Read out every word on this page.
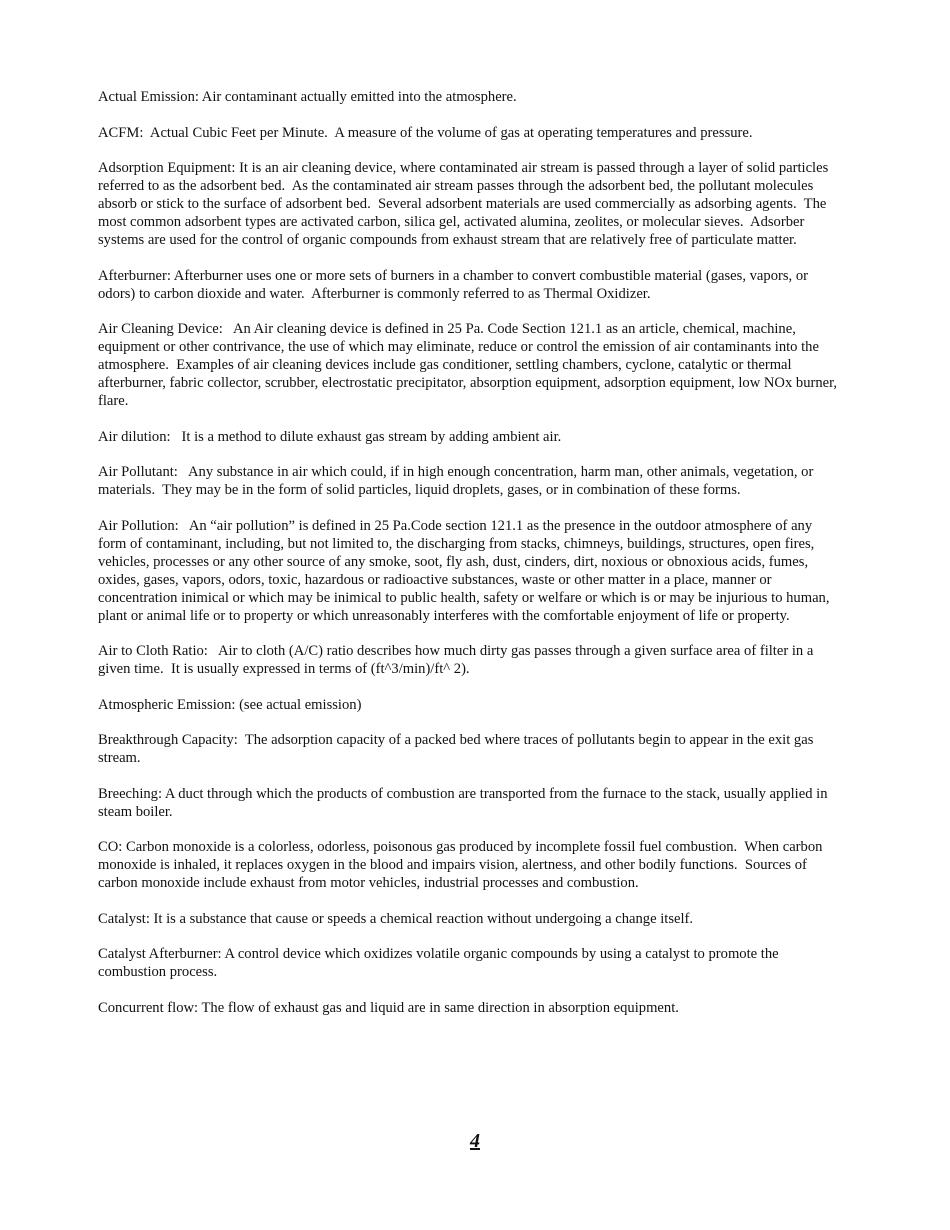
Actual Emission: Air contaminant actually emitted into the atmosphere.

ACFM:  Actual Cubic Feet per Minute.  A measure of the volume of gas at operating temperatures and pressure.

Adsorption Equipment: It is an air cleaning device, where contaminated air stream is passed through a layer of solid particles referred to as the adsorbent bed.  As the contaminated air stream passes through the adsorbent bed, the pollutant molecules absorb or stick to the surface of adsorbent bed.  Several adsorbent materials are used commercially as adsorbing agents.  The most common adsorbent types are activated carbon, silica gel, activated alumina, zeolites, or molecular sieves.  Adsorber systems are used for the control of organic compounds from exhaust stream that are relatively free of particulate matter.

Afterburner: Afterburner uses one or more sets of burners in a chamber to convert combustible material (gases, vapors, or odors) to carbon dioxide and water.  Afterburner is commonly referred to as Thermal Oxidizer.

Air Cleaning Device:   An Air cleaning device is defined in 25 Pa. Code Section 121.1 as an article, chemical, machine, equipment or other contrivance, the use of which may eliminate, reduce or control the emission of air contaminants into the atmosphere.  Examples of air cleaning devices include gas conditioner, settling chambers, cyclone, catalytic or thermal afterburner, fabric collector, scrubber, electrostatic precipitator, absorption equipment, adsorption equipment, low NOx burner, flare.

Air dilution:   It is a method to dilute exhaust gas stream by adding ambient air.

Air Pollutant:   Any substance in air which could, if in high enough concentration, harm man, other animals, vegetation, or materials.  They may be in the form of solid particles, liquid droplets, gases, or in combination of these forms.

Air Pollution:   An “air pollution” is defined in 25 Pa.Code section 121.1 as the presence in the outdoor atmosphere of any form of contaminant, including, but not limited to, the discharging from stacks, chimneys, buildings, structures, open fires, vehicles, processes or any other source of any smoke, soot, fly ash, dust, cinders, dirt, noxious or obnoxious acids, fumes, oxides, gases, vapors, odors, toxic, hazardous or radioactive substances, waste or other matter in a place, manner or concentration inimical or which may be inimical to public health, safety or welfare or which is or may be injurious to human, plant or animal life or to property or which unreasonably interferes with the comfortable enjoyment of life or property.

Air to Cloth Ratio:   Air to cloth (A/C) ratio describes how much dirty gas passes through a given surface area of filter in a given time.  It is usually expressed in terms of (ft^3/min)/ft^ 2).

Atmospheric Emission: (see actual emission)

Breakthrough Capacity:  The adsorption capacity of a packed bed where traces of pollutants begin to appear in the exit gas stream.

Breeching: A duct through which the products of combustion are transported from the furnace to the stack, usually applied in steam boiler.

CO: Carbon monoxide is a colorless, odorless, poisonous gas produced by incomplete fossil fuel combustion.  When carbon monoxide is inhaled, it replaces oxygen in the blood and impairs vision, alertness, and other bodily functions.  Sources of carbon monoxide include exhaust from motor vehicles, industrial processes and combustion.

Catalyst: It is a substance that cause or speeds a chemical reaction without undergoing a change itself.

Catalyst Afterburner: A control device which oxidizes volatile organic compounds by using a catalyst to promote the combustion process.

Concurrent flow: The flow of exhaust gas and liquid are in same direction in absorption equipment.

4
